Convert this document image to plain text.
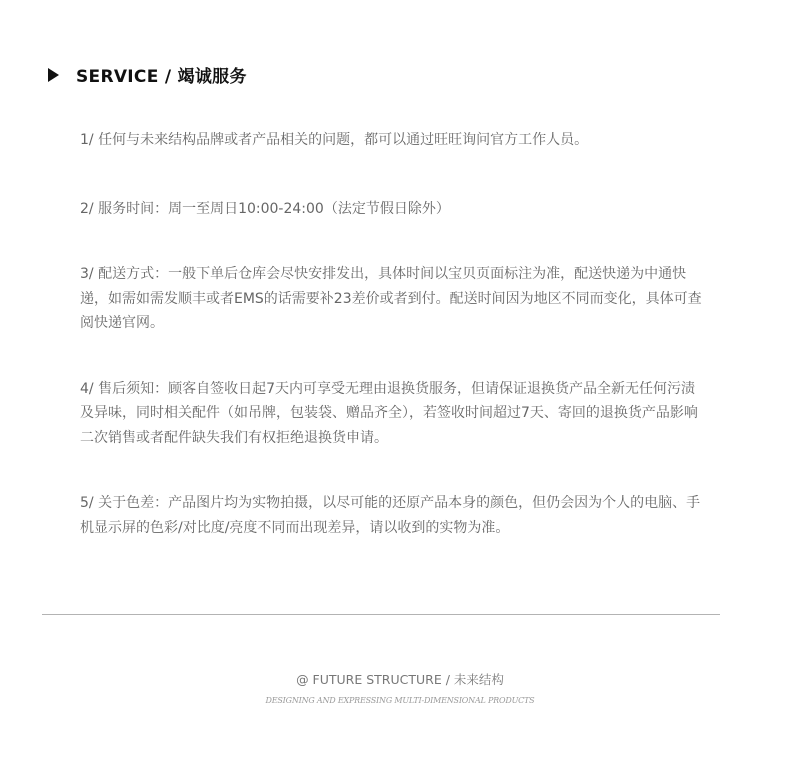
SERVICE / 竭诚服务

1/ 任何与未来结构品牌或者产品相关的问题，都可以通过旺旺询问官方工作人员。

2/ 服务时间：周一至周日10:00-24:00（法定节假日除外）

3/ 配送方式：一般下单后仓库会尽快安排发出，具体时间以宝贝页面标注为准，配送快递为中通快递，如需如需发顺丰或者EMS的话需要补23差价或者到付。配送时间因为地区不同而变化，具体可查阅快递官网。

4/ 售后须知：顾客自签收日起7天内可享受无理由退换货服务，但请保证退换货产品全新无任何污渍及异味，同时相关配件（如吊牌，包装袋、赠品齐全），若签收时间超过7天、寄回的退换货产品影响二次销售或者配件缺失我们有权拒绝退换货申请。

5/ 关于色差：产品图片均为实物拍摄，以尽可能的还原产品本身的颜色，但仍会因为个人的电脑、手机显示屏的色彩/对比度/亮度不同而出现差异，请以收到的实物为准。

@ FUTURE STRUCTURE / 未来结构
DESIGNING AND EXPRESSING MULTI-DIMENSIONAL PRODUCTS
